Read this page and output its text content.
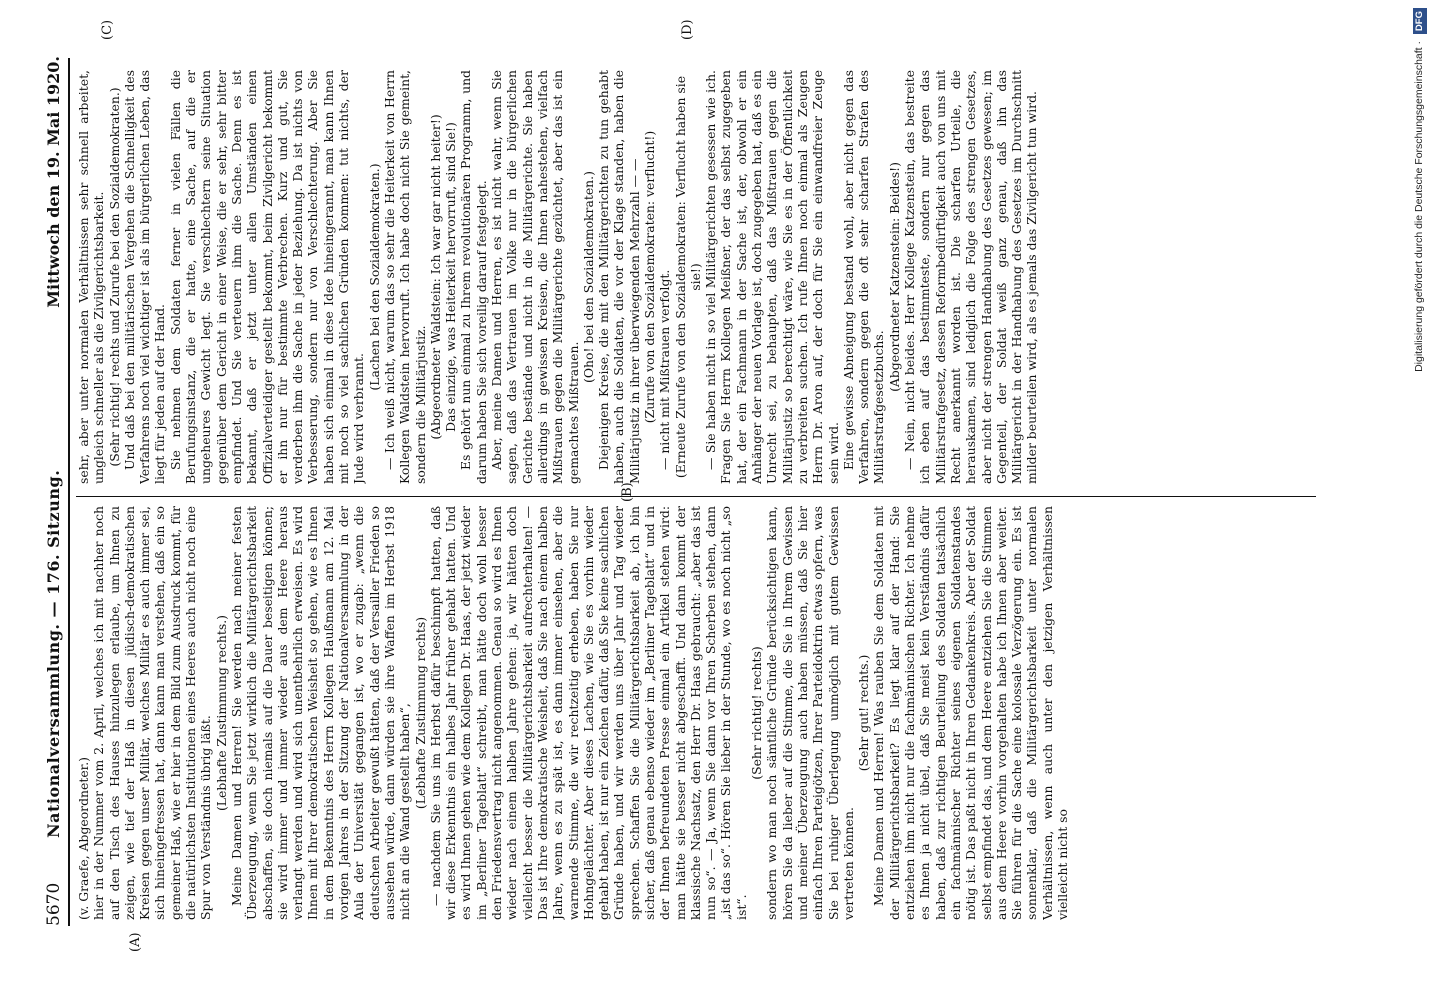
5670
Nationalversammlung. — 176. Sitzung.
Mittwoch den 19. Mai 1920.
(A)
(B)
(C)	(D)

(v. Graefe, Abgeordneter.) hier in der Nummer vom 2. April, welches ich mit nachher noch auf den Tisch des Hauses hinzulegen erlaube, um Ihnen zu zeigen, wie tief der Haß in diesen jüdisch-demokratischen Kreisen gegen unser Militär, welches Militär es auch immer sei, sich hineingefressen hat, dann kann man verstehen, daß ein so gemeiner Haß, wie er hier in dem Bild zum Ausdruck kommt, für die natürlichsten Institutionen eines Heeres auch nicht noch eine Spur von Verständnis übrig läßt.

(Lebhafte Zustimmung rechts.) Meine Damen und Herren! Sie werden nach meiner festen Überzeugung, wenn Sie jetzt wirklich die Militärgerichtsbarkeit abschaffen, sie doch niemals auf die Dauer beseitigen können; sie wird immer und immer wieder aus dem Heere heraus verlangt werden und wird sich unentbehrlich erweisen. Es wird Ihnen mit Ihrer demokratischen Weisheit so gehen, wie es Ihnen in dem Bekenntnis des Herrn Kollegen Haußmann am 12. Mai vorigen Jahres in der Sitzung der Nationalversammlung in der Aula der Universität gegangen ist, wo er zugab: „wenn die deutschen Arbeiter gewußt hätten, daß der Versailler Frieden so aussehen würde, dann würden sie ihre Waffen im Herbst 1918 nicht an die Wand gestellt haben“, (Lebhafte Zustimmung rechts) — nachdem Sie uns im Herbst dafür beschimpft hatten, daß wir diese Erkenntnis ein halbes Jahr früher gehabt hatten. Und es wird Ihnen gehen wie dem Kollegen Dr. Haas, der jetzt wieder im „Berliner Tageblatt“ schreibt, man hätte doch wohl besser den Friedensvertrag nicht angenommen. Genau so wird es Ihnen wieder nach einem halben Jahre gehen: ja, wir hätten doch vielleicht besser die Militärgerichtsbarkeit aufrechterhalten! — Das ist Ihre demokratische Weisheit, daß Sie nach einem halben Jahre, wenn es zu spät ist, es dann immer einsehen, aber die warnende Stimme, die wir rechtzeitig erheben, haben Sie nur Hohngelächter. Aber dieses Lachen, wie Sie es vorhin wieder gehabt haben, ist nur ein Zeichen dafür, daß Sie keine sachlichen Gründe haben, und wir werden uns über Jahr und Tag wieder sprechen. Schaffen Sie die Militärgerichtsbarkeit ab, ich bin sicher, daß genau ebenso wieder im „Berliner Tageblatt“ und in der Ihnen befreundeten Presse einmal ein Artikel stehen wird: man hätte sie besser nicht abgeschafft. Und dann kommt der klassische Nachsatz, den Herr Dr. Haas gebraucht: „aber das ist nun so“. — Ja, wenn Sie dann vor Ihren Scherben stehen, dann „ist das so“. Hören Sie lieber in der Stunde, wo es noch nicht „so ist“.

(Sehr richtig! rechts) sondern wo man noch sämtliche Gründe berücksichtigen kann, hören Sie da lieber auf die Stimme, die Sie in Ihrem Gewissen und meiner Überzeugung auch haben müssen, daß Sie hier einfach Ihren Parteigötzen, Ihrer Parteidoktrin etwas opfern, was Sie bei ruhiger Überlegung unmöglich mit gutem Gewissen vertreten können.

(Sehr gut! rechts.) Meine Damen und Herren! Was rauben Sie dem Soldaten mit der Militärgerichtsbarkeit? Es liegt klar auf der Hand: Sie entziehen ihm nicht nur die fachmännischen Richter. Ich nehme es Ihnen ja nicht übel, daß Sie meist kein Verständnis dafür haben, daß zur richtigen Beurteilung des Soldaten tatsächlich ein fachmännischer Richter seines eigenen Soldatenstandes nötig ist. Das paßt nicht in Ihren Gedankenkreis. Aber der Soldat selbst empfindet das, und dem Heere entziehen Sie die Stimmen aus dem Heere vorhin vorgehalten habe ich Ihnen aber weiter. Sie führen für die Sache eine kolossale Verzögerung ein. Es ist sonnenklar, daß die Militärgerichtsbarkeit unter normalen Verhältnissen, wenn auch unter den jetzigen Verhältnissen vielleicht nicht so

sehr, aber unter normalen Verhältnissen sehr schnell arbeitet, ungleich schneller als die Zivilgerichtsbarkeit. (Sehr richtig! rechts und Zurufe bei den Sozialdemokraten.) Und daß bei den militärischen Vergehen die Schnelligkeit des Verfahrens noch viel wichtiger ist als im bürgerlichen Leben, das liegt für jeden auf der Hand. Sie nehmen dem Soldaten ferner in vielen Fällen die Berufungsinstanz, die er hatte, eine Sache, auf die er ungeheures Gewicht legt. Sie verschlechtern seine Situation gegenüber dem Gericht in einer Weise, die er sehr, sehr bitter empfindet. Und Sie verteuern ihm die Sache. Denn es ist bekannt, daß er jetzt unter allen Umständen einen Offizialverteidiger gestellt bekommt, beim Zivilgericht bekommt er ihn nur für bestimmte Verbrechen. Kurz und gut, Sie verderben ihm die Sache in jeder Beziehung. Da ist nichts von Verbesserung, sondern nur von Verschlechterung. Aber Sie haben sich einmal in diese Idee hineingerannt, man kann Ihnen mit noch so viel sachlichen Gründen kommen: tut nichts, der Jude wird verbrannt.

(Lachen bei den Sozialdemokraten.) — Ich weiß nicht, warum das so sehr die Heiterkeit von Herrn Kollegen Waldstein hervorruft. Ich habe doch nicht Sie gemeint, sondern die Militärjustiz. (Abgeordneter Waldstein: Ich war gar nicht heiter!) Das einzige, was Heiterkeit hervorruft, sind Sie!) Es gehört nun einmal zu Ihrem revolutionären Programm, und darum haben Sie sich voreilig darauf festgelegt. Aber, meine Damen und Herren, es ist nicht wahr, wenn Sie sagen, daß das Vertrauen im Volke nur in die bürgerlichen Gerichte bestände und nicht in die Militärgerichte. Sie haben allerdings in gewissen Kreisen, die Ihnen nahestehen, vielfach Mißtrauen gegen die Militärgerichte gezüchtet, aber das ist ein gemachtes Mißtrauen.

(Oho! bei den Sozialdemokraten.) Diejenigen Kreise, die mit den Militärgerichten zu tun gehabt haben, auch die Soldaten, die vor der Klage standen, haben die Militärjustiz in ihrer überwiegenden Mehrzahl — — (Zurufe von den Sozialdemokraten: verflucht!) — nicht mit Mißtrauen verfolgt. (Erneute Zurufe von den Sozialdemokraten: Verflucht haben sie sie!) — Sie haben nicht in so viel Militärgerichten gesessen wie ich. Fragen Sie Herrn Kollegen Meißner, der das selbst zugegeben hat, der ein Fachmann in der Sache ist, der, obwohl er ein Anhänger der neuen Vorlage ist, doch zugegeben hat, daß es ein Unrecht sei, zu behaupten, daß das Mißtrauen gegen die Militärjustiz so berechtigt wäre, wie Sie es in der Öffentlichkeit zu verbreiten suchen. Ich rufe Ihnen noch einmal als Zeugen Herrn Dr. Aron auf, der doch für Sie ein einwandfreier Zeuge sein wird. Eine gewisse Abneigung bestand wohl, aber nicht gegen das Verfahren, sondern gegen die oft sehr scharfen Strafen des Militärstrafgesetzbuchs.

(Abgeordneter Katzenstein: Beides!) — Nein, nicht beides. Herr Kollege Katzenstein, das bestreite ich eben auf das bestimmteste, sondern nur gegen das Militärstrafgesetz, dessen Reformbedürftigkeit auch von uns mit Recht anerkannt worden ist. Die scharfen Urteile, die herauskamen, sind lediglich die Folge des strengen Gesetzes, aber nicht der strengen Handhabung des Gesetzes gewesen; im Gegenteil, der Soldat weiß ganz genau, daß ihn das Militärgericht in der Handhabung des Gesetzes im Durchschnitt milder beurteilen wird, als es jemals das Zivilgericht tun wird.	Digitalisierung gefördert durch die Deutsche Forschungsgemeinschaft · DFG
